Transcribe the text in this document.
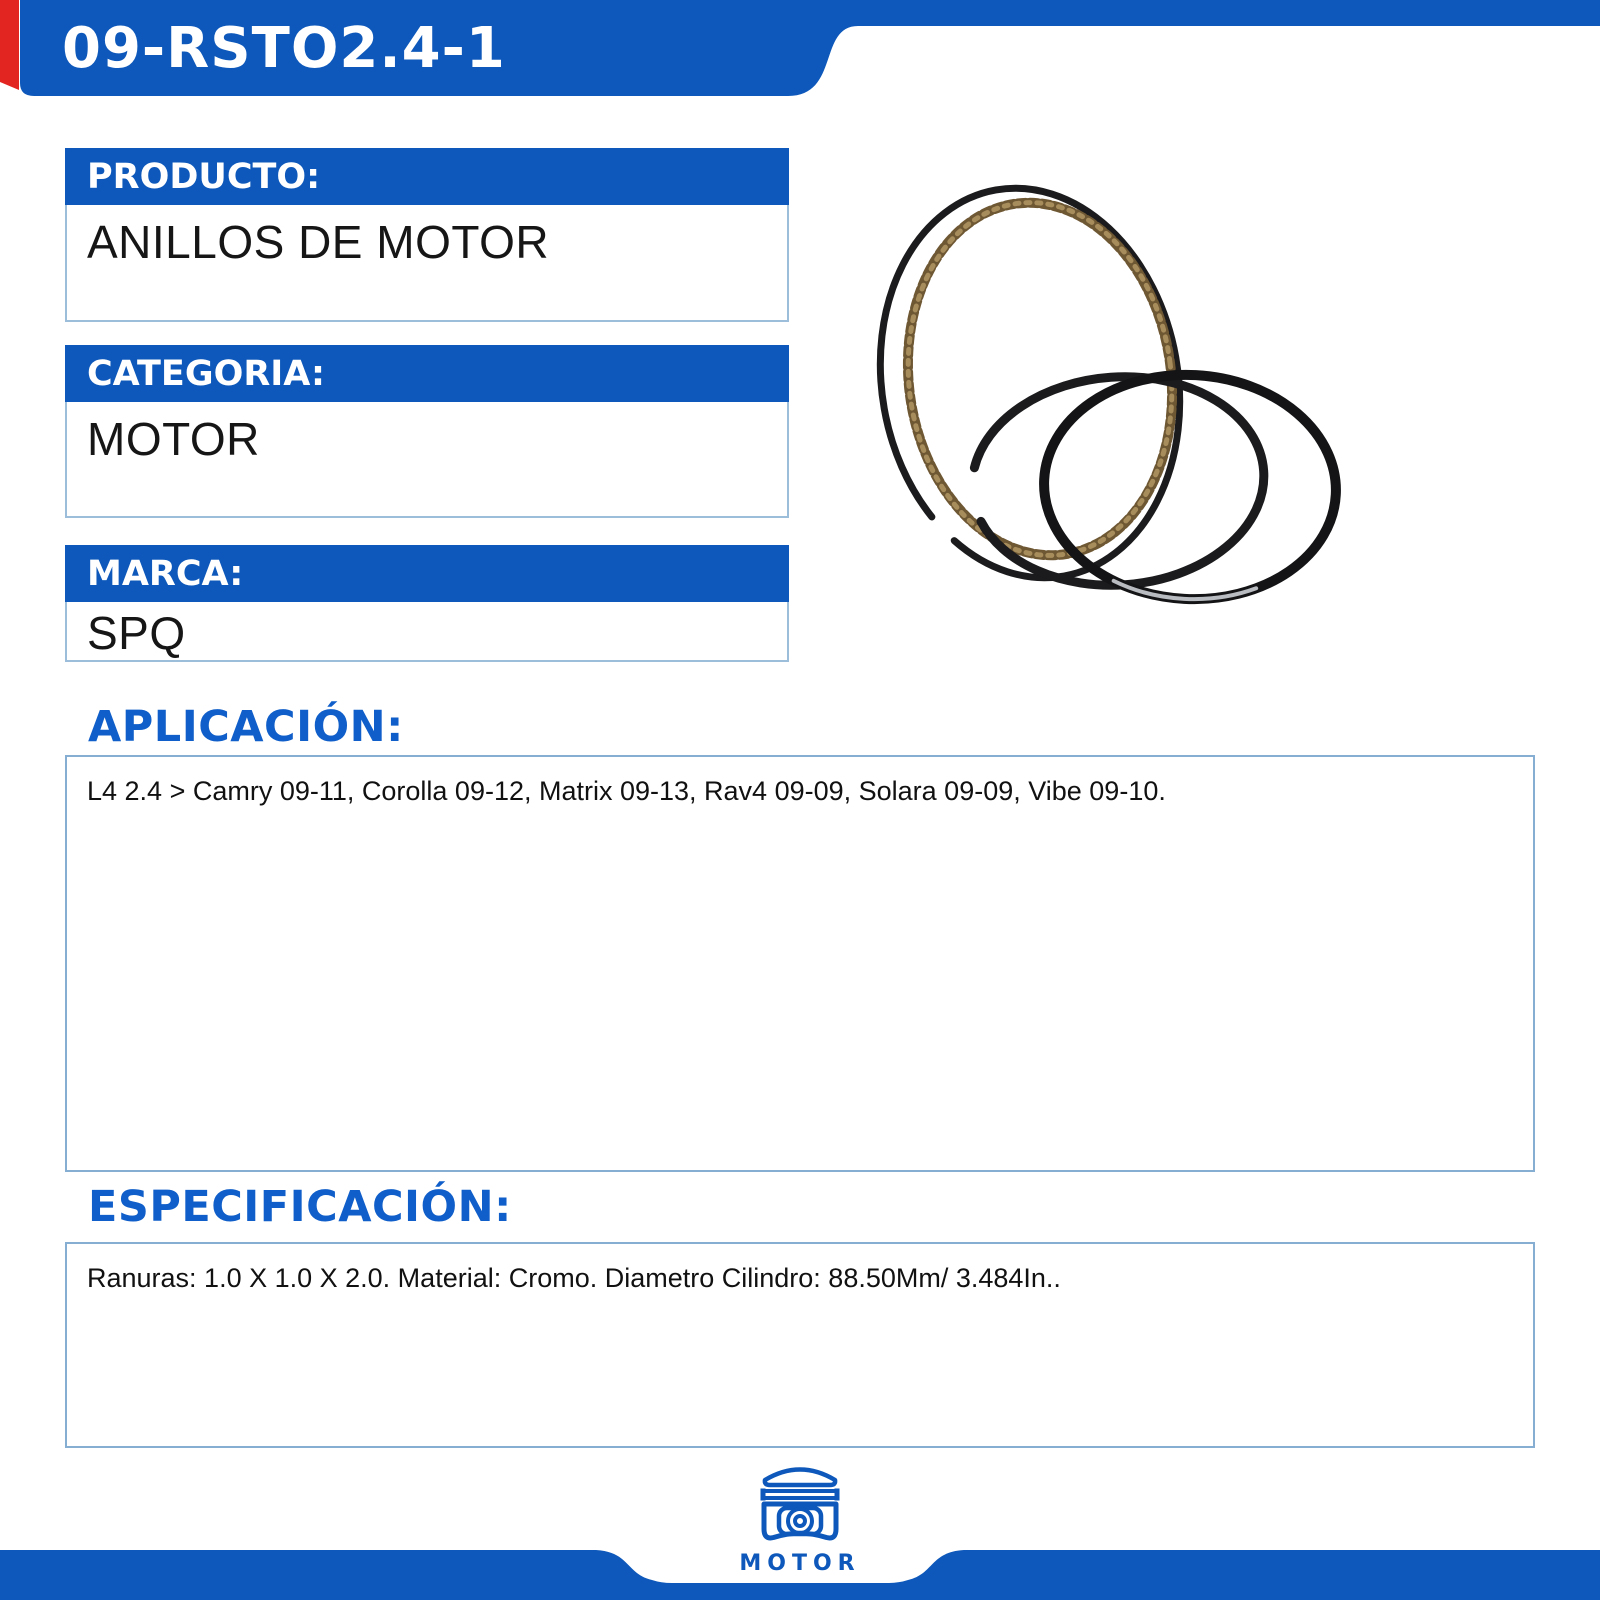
09-RSTO2.4-1
PRODUCTO:
ANILLOS DE MOTOR
CATEGORIA:
MOTOR
MARCA:
SPQ
APLICACIÓN:
L4 2.4 > Camry 09-11, Corolla 09-12, Matrix 09-13, Rav4 09-09, Solara 09-09, Vibe 09-10.
ESPECIFICACIÓN:
Ranuras: 1.0 X 1.0 X 2.0. Material: Cromo. Diametro Cilindro: 88.50Mm/ 3.484In..
MOTOR
